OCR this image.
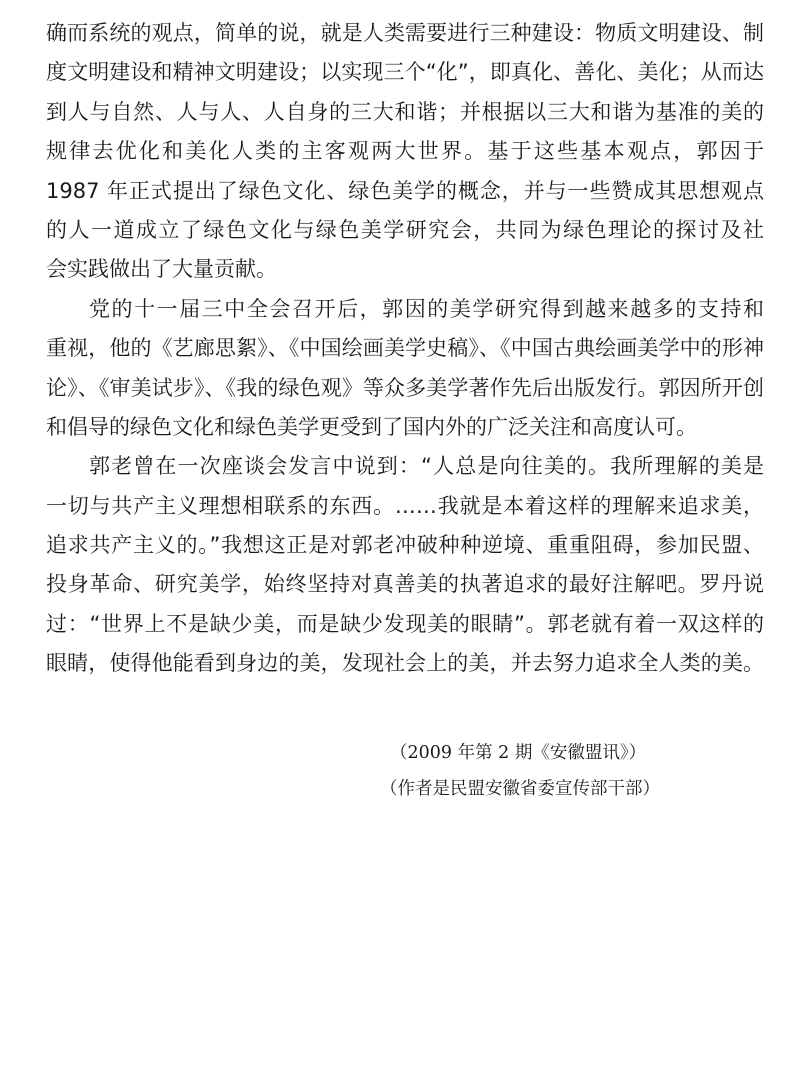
确而系统的观点，简单的说，就是人类需要进行三种建设：物质文明建设、制
度文明建设和精神文明建设；以实现三个“化”，即真化、善化、美化；从而达
到人与自然、人与人、人自身的三大和谐；并根据以三大和谐为基准的美的
规律去优化和美化人类的主客观两大世界。基于这些基本观点，郭因于
1987 年正式提出了绿色文化、绿色美学的概念，并与一些赞成其思想观点
的人一道成立了绿色文化与绿色美学研究会，共同为绿色理论的探讨及社
会实践做出了大量贡献。
党的十一届三中全会召开后，郭因的美学研究得到越来越多的支持和
重视，他的《艺廊思絮》、《中国绘画美学史稿》、《中国古典绘画美学中的形神
论》、《审美试步》、《我的绿色观》等众多美学著作先后出版发行。郭因所开创
和倡导的绿色文化和绿色美学更受到了国内外的广泛关注和高度认可。
郭老曾在一次座谈会发言中说到：“人总是向往美的。我所理解的美是
一切与共产主义理想相联系的东西。……我就是本着这样的理解来追求美，
追求共产主义的。”我想这正是对郭老冲破种种逆境、重重阻碍，参加民盟、
投身革命、研究美学，始终坚持对真善美的执著追求的最好注解吧。罗丹说
过：“世界上不是缺少美，而是缺少发现美的眼睛”。郭老就有着一双这样的
眼睛，使得他能看到身边的美，发现社会上的美，并去努力追求全人类的美。
（2009 年第 2 期《安徽盟讯》）
（作者是民盟安徽省委宣传部干部）
